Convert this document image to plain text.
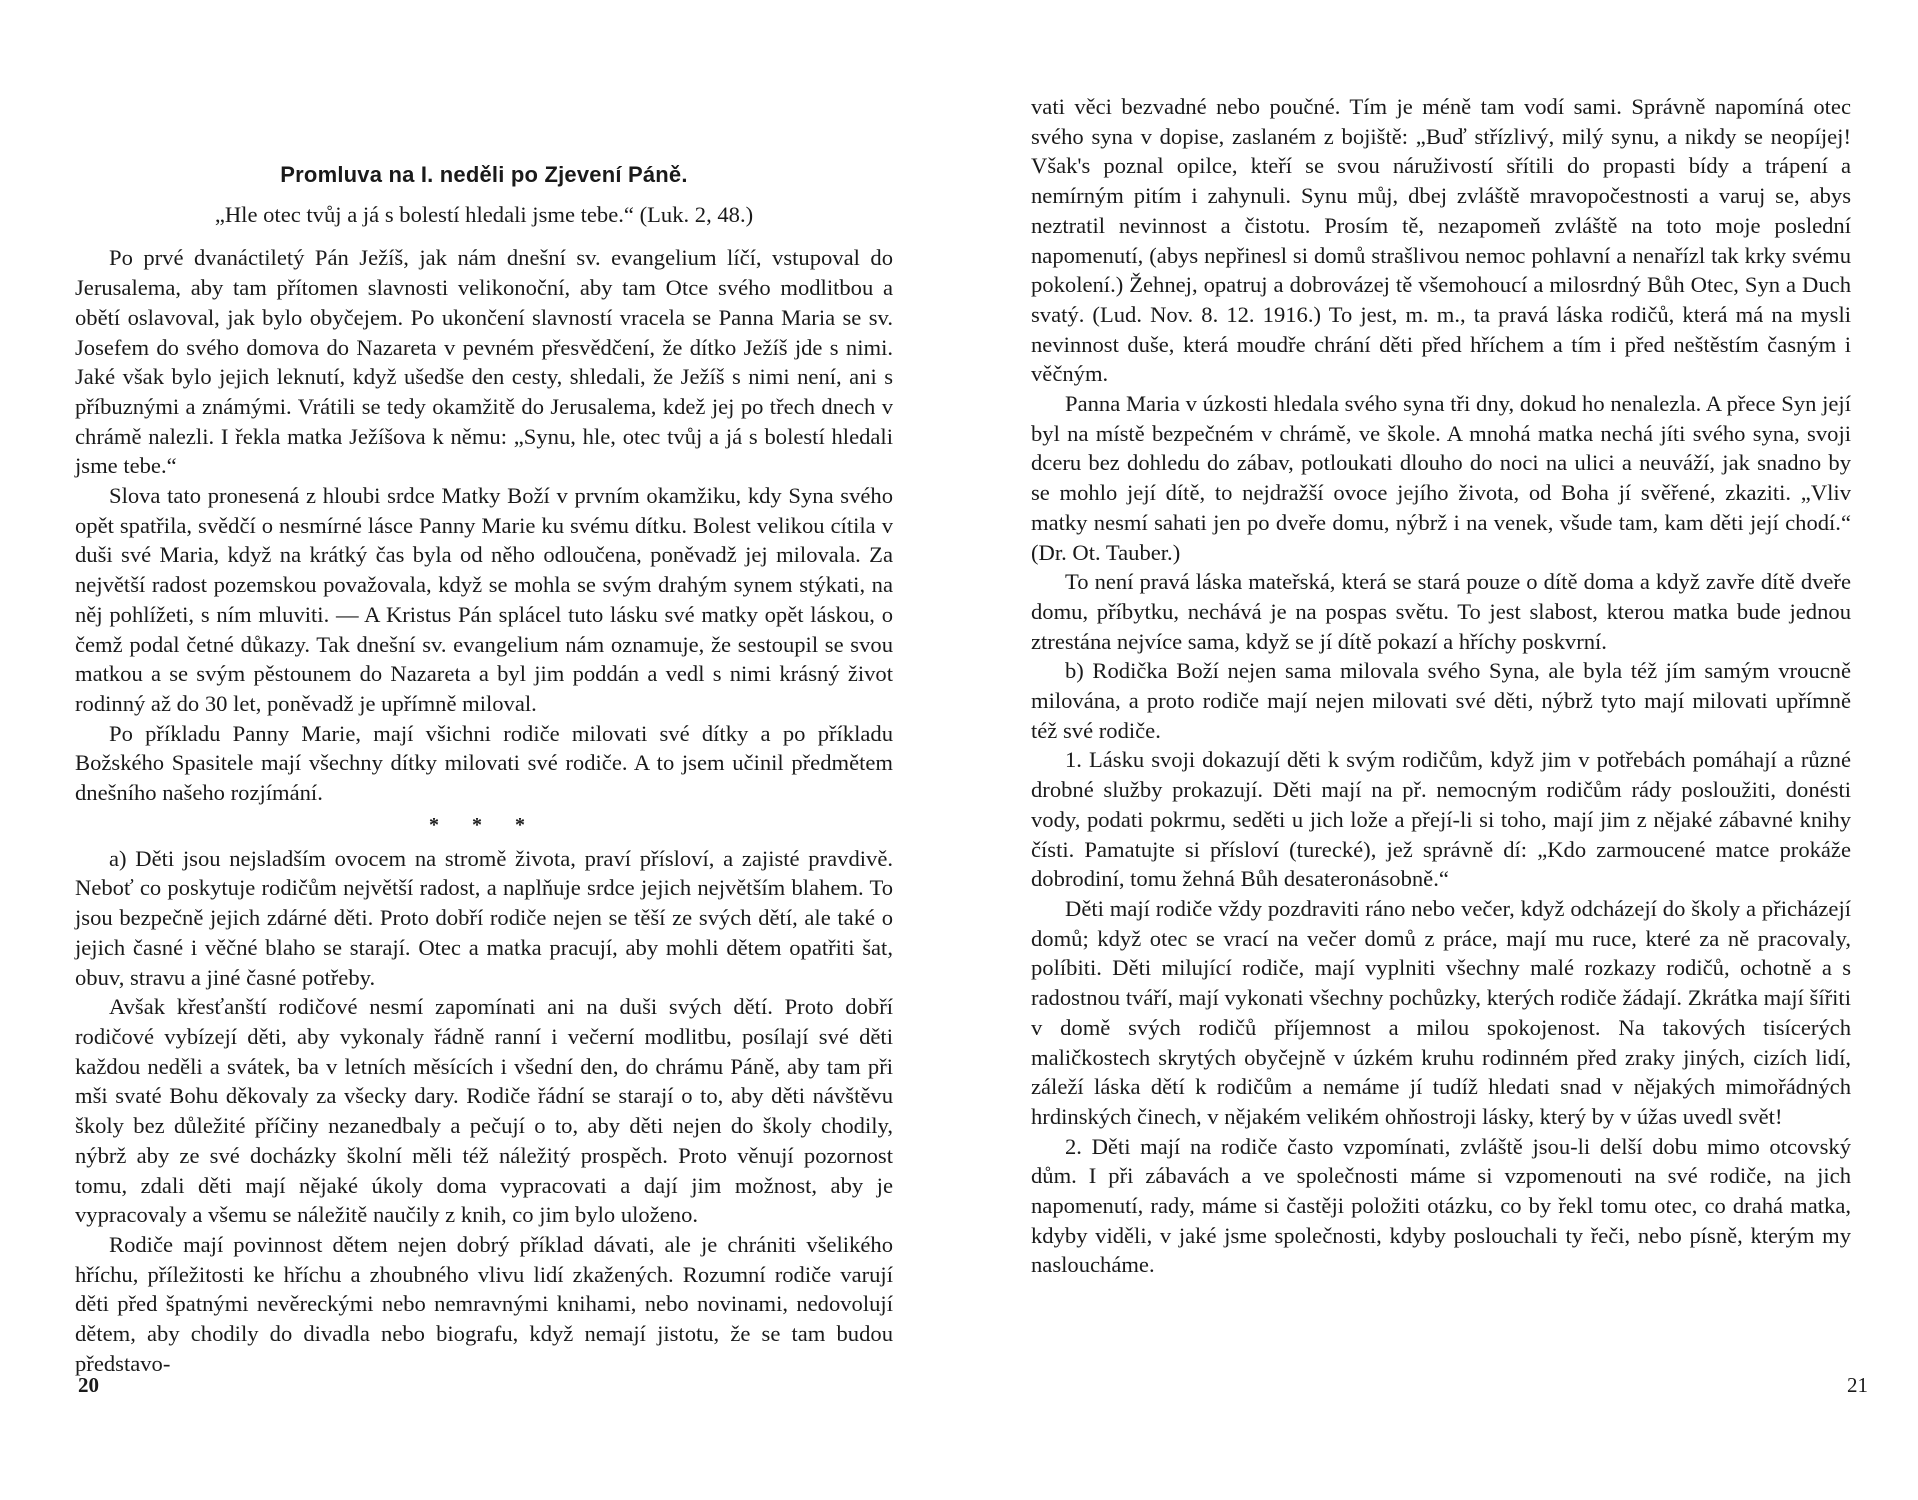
Promluva na I. neděli po Zjevení Páně.

„Hle otec tvůj a já s bolestí hledali jsme tebe.“ (Luk. 2, 48.)

Po prvé dvanáctiletý Pán Ježíš, jak nám dnešní sv. evangelium líčí, vstupoval do Jerusalema, aby tam přítomen slavnosti velikonoční, aby tam Otce svého modlitbou a obětí oslavoval, jak bylo obyčejem. Po ukončení slavností vracela se Panna Maria se sv. Josefem do svého domova do Nazareta v pevném přesvědčení, že dítko Ježíš jde s nimi. Jaké však bylo jejich leknutí, když ušedše den cesty, shledali, že Ježíš s nimi není, ani s příbuznými a známými. Vrátili se tedy okamžitě do Jerusalema, kdež jej po třech dnech v chrámě nalezli. I řekla matka Ježíšova k němu: „Synu, hle, otec tvůj a já s bolestí hledali jsme tebe.“

Slova tato pronesená z hloubi srdce Matky Boží v prvním okamžiku, kdy Syna svého opět spatřila, svědčí o nesmírné lásce Panny Marie ku svému dítku. Bolest velikou cítila v duši své Maria, když na krátký čas byla od něho odloučena, poněvadž jej milovala. Za největší radost pozemskou považovala, když se mohla se svým drahým synem stýkati, na něj pohlížeti, s ním mluviti. — A Kristus Pán splácel tuto lásku své matky opět láskou, o čemž podal četné důkazy. Tak dnešní sv. evangelium nám oznamuje, že sestoupil se svou matkou a se svým pěstounem do Nazareta a byl jim poddán a vedl s nimi krásný život rodinný až do 30 let, poněvadž je upřímně miloval.

Po příkladu Panny Marie, mají všichni rodiče milovati své dítky a po příkladu Božského Spasitele mají všechny dítky milovati své rodiče. A to jsem učinil předmětem dnešního našeho rozjímání.

* * *

a) Děti jsou nejsladším ovocem na stromě života, praví přísloví, a zajisté pravdivě. Neboť co poskytuje rodičům největší radost, a naplňuje srdce jejich největším blahem. To jsou bezpečně jejich zdárné děti. Proto dobří rodiče nejen se těší ze svých dětí, ale také o jejich časné i věčné blaho se starají. Otec a matka pracují, aby mohli dětem opatřiti šat, obuv, stravu a jiné časné potřeby.

Avšak křesťanští rodičové nesmí zapomínati ani na duši svých dětí. Proto dobří rodičové vybízejí děti, aby vykonaly řádně ranní i večerní modlitbu, posílají své děti každou neděli a svátek, ba v letních měsících i všední den, do chrámu Páně, aby tam při mši svaté Bohu děkovaly za všecky dary. Rodiče řádní se starají o to, aby děti návštěvu školy bez důležité příčiny nezanedbaly a pečují o to, aby děti nejen do školy chodily, nýbrž aby ze své docházky školní měli též náležitý prospěch. Proto věnují pozornost tomu, zdali děti mají nějaké úkoly doma vypracovati a dají jim možnost, aby je vypracovaly a všemu se náležitě naučily z knih, co jim bylo uloženo.

Rodiče mají povinnost dětem nejen dobrý příklad dávati, ale je chrániti všelikého hříchu, příležitosti ke hříchu a zhoubného vlivu lidí zkažených. Rozumní rodiče varují děti před špatnými nevěreckými nebo nemravnými knihami, nebo novinami, nedovolují dětem, aby chodily do divadla nebo biografu, když nemají jistotu, že se tam budou představo-

20

vati věci bezvadné nebo poučné. Tím je méně tam vodí sami. Správně napomíná otec svého syna v dopise, zaslaném z bojiště: „Buď střízlivý, milý synu, a nikdy se neopíjej! Však's poznal opilce, kteří se svou náruživostí sřítili do propasti bídy a trápení a nemírným pitím i zahynuli. Synu můj, dbej zvláště mravopočestnosti a varuj se, abys neztratil nevinnost a čistotu. Prosím tě, nezapomeň zvláště na toto moje poslední napomenutí, (abys nepřinesl si domů strašlivou nemoc pohlavní a nenařízl tak krky svému pokolení.) Žehnej, opatruj a dobrovázej tě všemohoucí a milosrdný Bůh Otec, Syn a Duch svatý. (Lud. Nov. 8. 12. 1916.) To jest, m. m., ta pravá láska rodičů, která má na mysli nevinnost duše, která moudře chrání děti před hříchem a tím i před neštěstím časným i věčným.

Panna Maria v úzkosti hledala svého syna tři dny, dokud ho nenalezla. A přece Syn její byl na místě bezpečném v chrámě, ve škole. A mnohá matka nechá jíti svého syna, svoji dceru bez dohledu do zábav, potloukati dlouho do noci na ulici a neuváží, jak snadno by se mohlo její dítě, to nejdražší ovoce jejího života, od Boha jí svěřené, zkaziti. „Vliv matky nesmí sahati jen po dveře domu, nýbrž i na venek, všude tam, kam děti její chodí.“ (Dr. Ot. Tauber.)

To není pravá láska mateřská, která se stará pouze o dítě doma a když zavře dítě dveře domu, příbytku, nechává je na pospas světu. To jest slabost, kterou matka bude jednou ztrestána nejvíce sama, když se jí dítě pokazí a hříchy poskvrní.

b) Rodička Boží nejen sama milovala svého Syna, ale byla též jím samým vroucně milována, a proto rodiče mají nejen milovati své děti, nýbrž tyto mají milovati upřímně též své rodiče.

1. Lásku svoji dokazují děti k svým rodičům, když jim v potřebách pomáhají a různé drobné služby prokazují. Děti mají na př. nemocným rodičům rády posloužiti, donésti vody, podati pokrmu, seděti u jich lože a přejí-li si toho, mají jim z nějaké zábavné knihy čísti. Pamatujte si přísloví (turecké), jež správně dí: „Kdo zarmoucené matce prokáže dobrodiní, tomu žehná Bůh desateronásobně.“

Děti mají rodiče vždy pozdraviti ráno nebo večer, když odcházejí do školy a přicházejí domů; když otec se vrací na večer domů z práce, mají mu ruce, které za ně pracovaly, políbiti. Děti milující rodiče, mají vyplniti všechny malé rozkazy rodičů, ochotně a s radostnou tváří, mají vykonati všechny pochůzky, kterých rodiče žádají. Zkrátka mají šířiti v domě svých rodičů příjemnost a milou spokojenost. Na takových tisícerých maličkostech skrytých obyčejně v úzkém kruhu rodinném před zraky jiných, cizích lidí, záleží láska dětí k rodičům a nemáme jí tudíž hledati snad v nějakých mimořádných hrdinských činech, v nějakém velikém ohňostroji lásky, který by v úžas uvedl svět!

2. Děti mají na rodiče často vzpomínati, zvláště jsou-li delší dobu mimo otcovský dům. I při zábavách a ve společnosti máme si vzpomenouti na své rodiče, na jich napomenutí, rady, máme si častěji položiti otázku, co by řekl tomu otec, co drahá matka, kdyby viděli, v jaké jsme společnosti, kdyby poslouchali ty řeči, nebo písně, kterým my nasloucháme.

21
